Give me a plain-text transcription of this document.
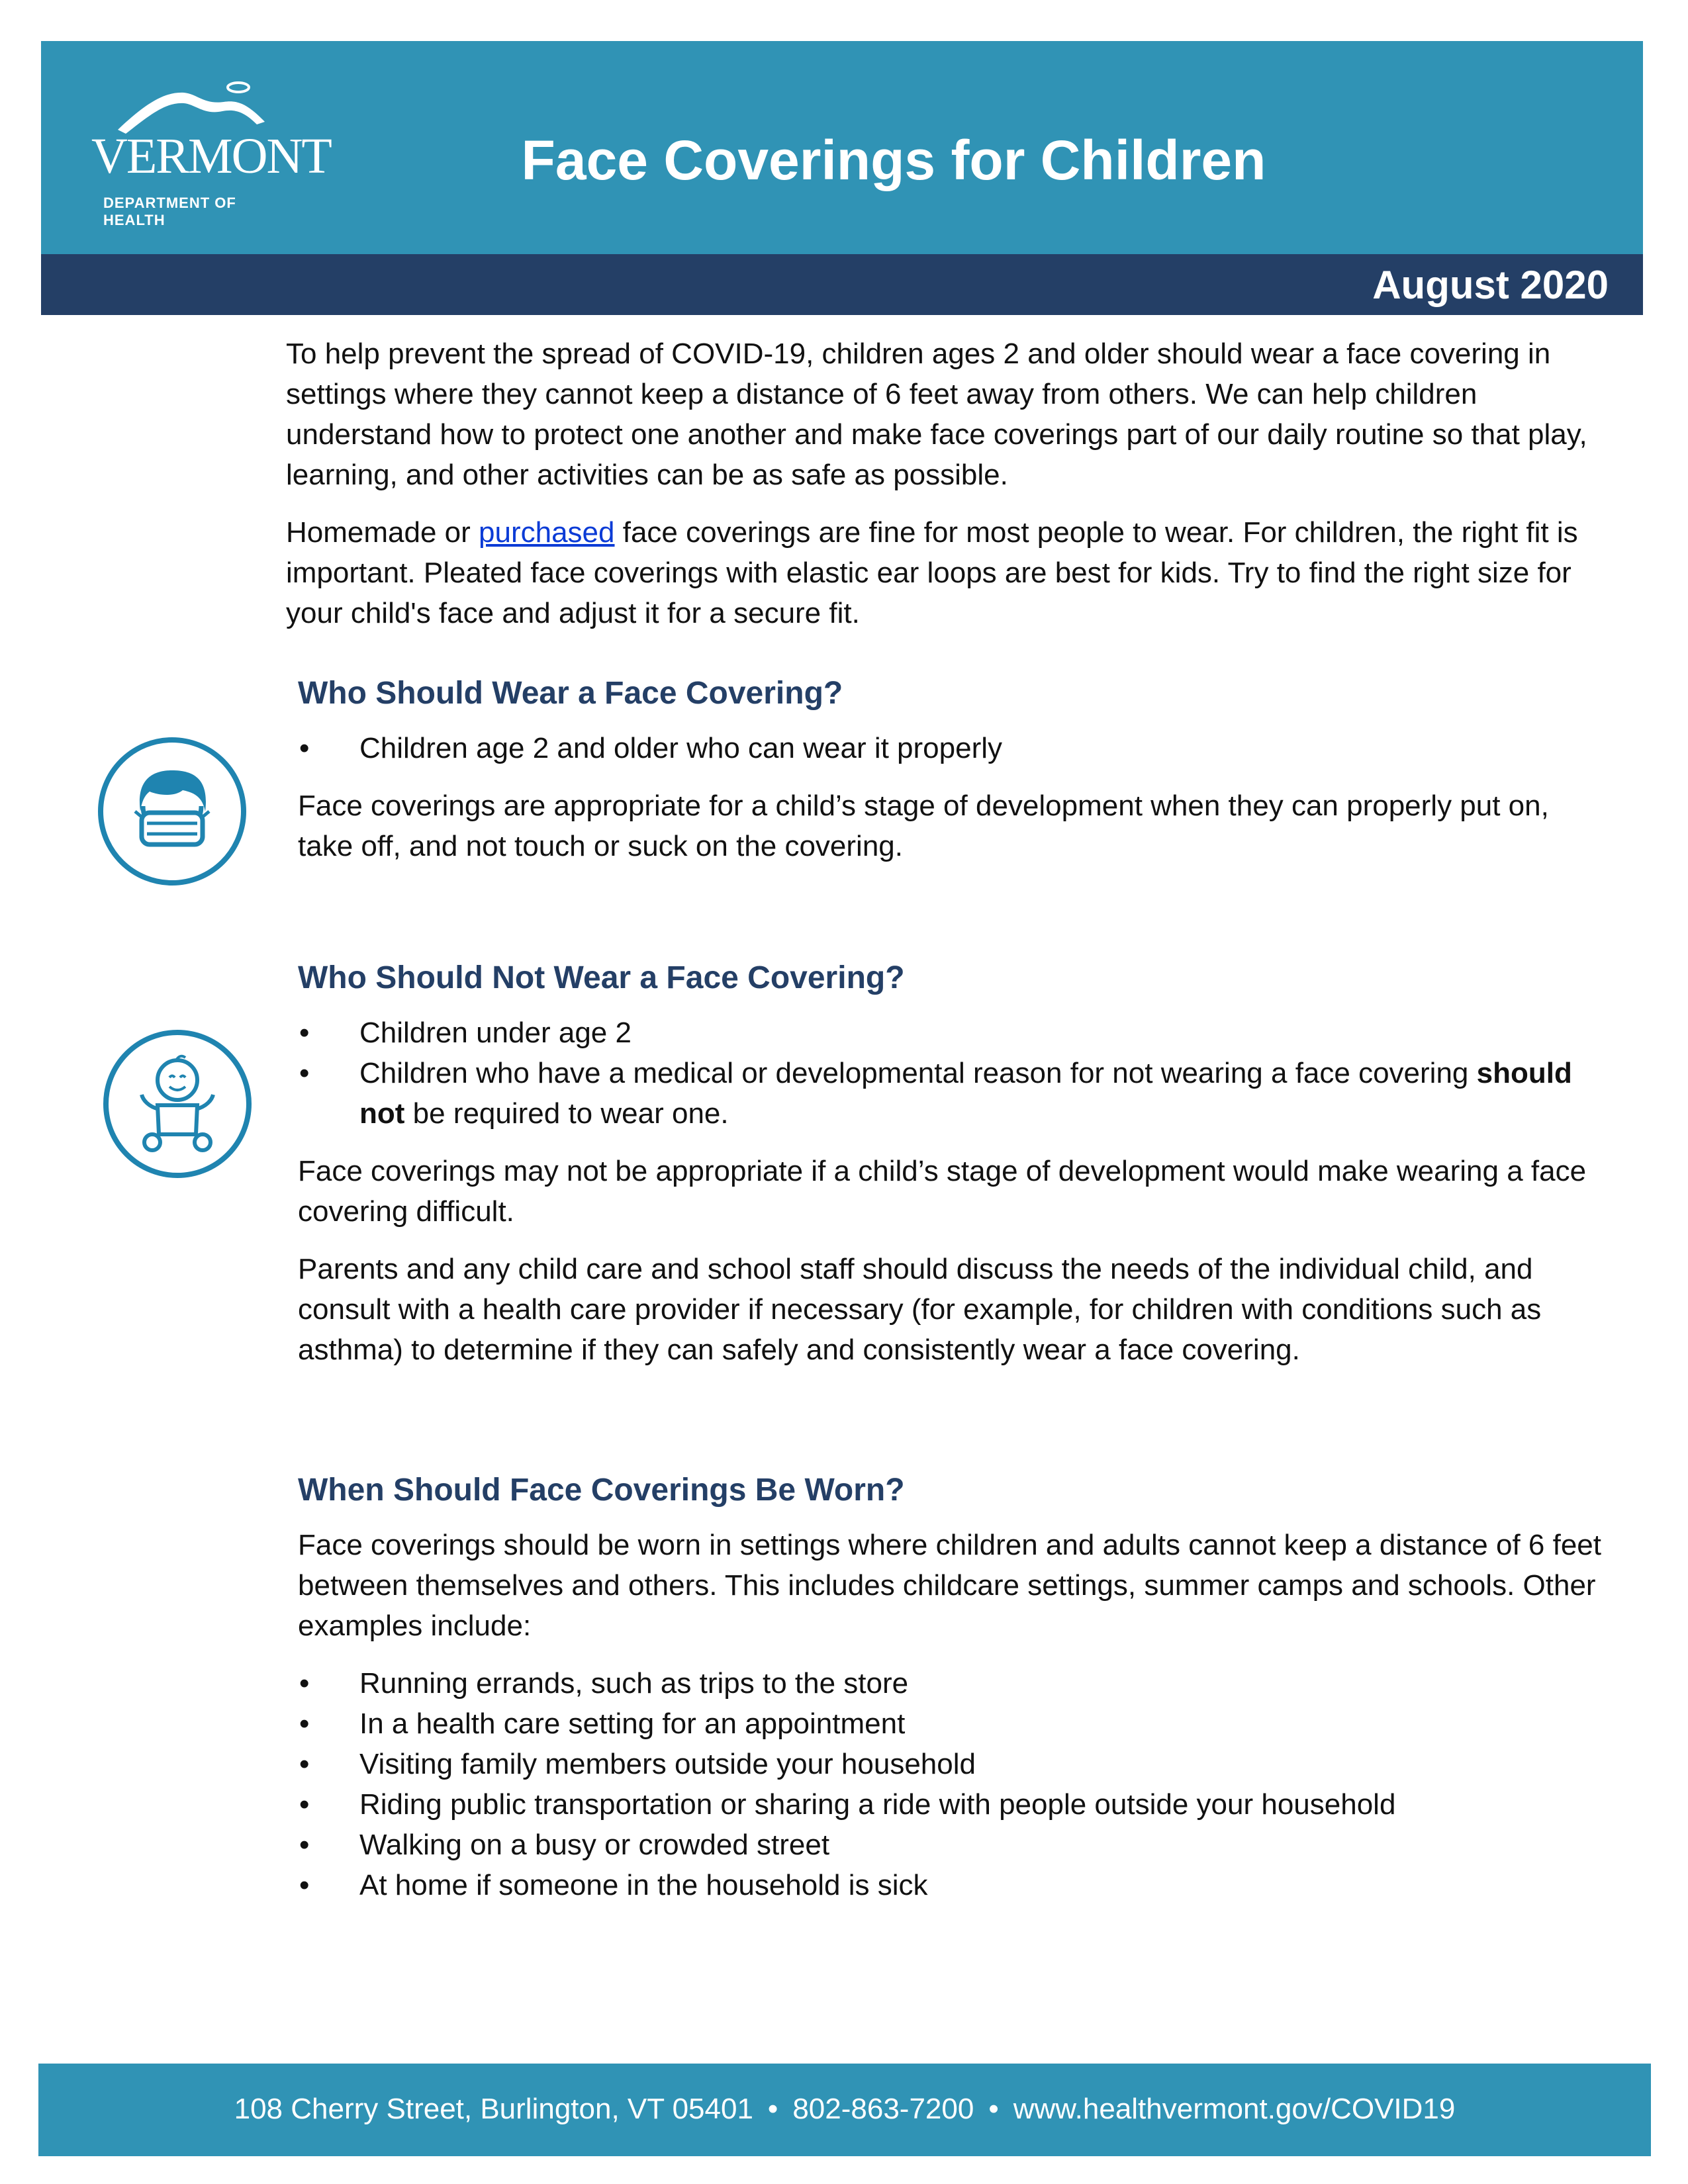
VERMONT
DEPARTMENT OF HEALTH
Face Coverings for Children
August 2020

To help prevent the spread of COVID-19, children ages 2 and older should wear a face covering in settings where they cannot keep a distance of 6 feet away from others. We can help children understand how to protect one another and make face coverings part of our daily routine so that play, learning, and other activities can be as safe as possible.

Homemade or purchased face coverings are fine for most people to wear. For children, the right fit is important. Pleated face coverings with elastic ear loops are best for kids. Try to find the right size for your child's face and adjust it for a secure fit.

Who Should Wear a Face Covering?
• Children age 2 and older who can wear it properly

Face coverings are appropriate for a child’s stage of development when they can properly put on, take off, and not touch or suck on the covering.

Who Should Not Wear a Face Covering?
• Children under age 2
• Children who have a medical or developmental reason for not wearing a face covering should not be required to wear one.

Face coverings may not be appropriate if a child’s stage of development would make wearing a face covering difficult.

Parents and any child care and school staff should discuss the needs of the individual child, and consult with a health care provider if necessary (for example, for children with conditions such as asthma) to determine if they can safely and consistently wear a face covering.

When Should Face Coverings Be Worn?

Face coverings should be worn in settings where children and adults cannot keep a distance of 6 feet between themselves and others. This includes childcare settings, summer camps and schools. Other examples include:

• Running errands, such as trips to the store
• In a health care setting for an appointment
• Visiting family members outside your household
• Riding public transportation or sharing a ride with people outside your household
• Walking on a busy or crowded street
• At home if someone in the household is sick
108 Cherry Street, Burlington, VT 05401 • 802-863-7200 • www.healthvermont.gov/COVID19
